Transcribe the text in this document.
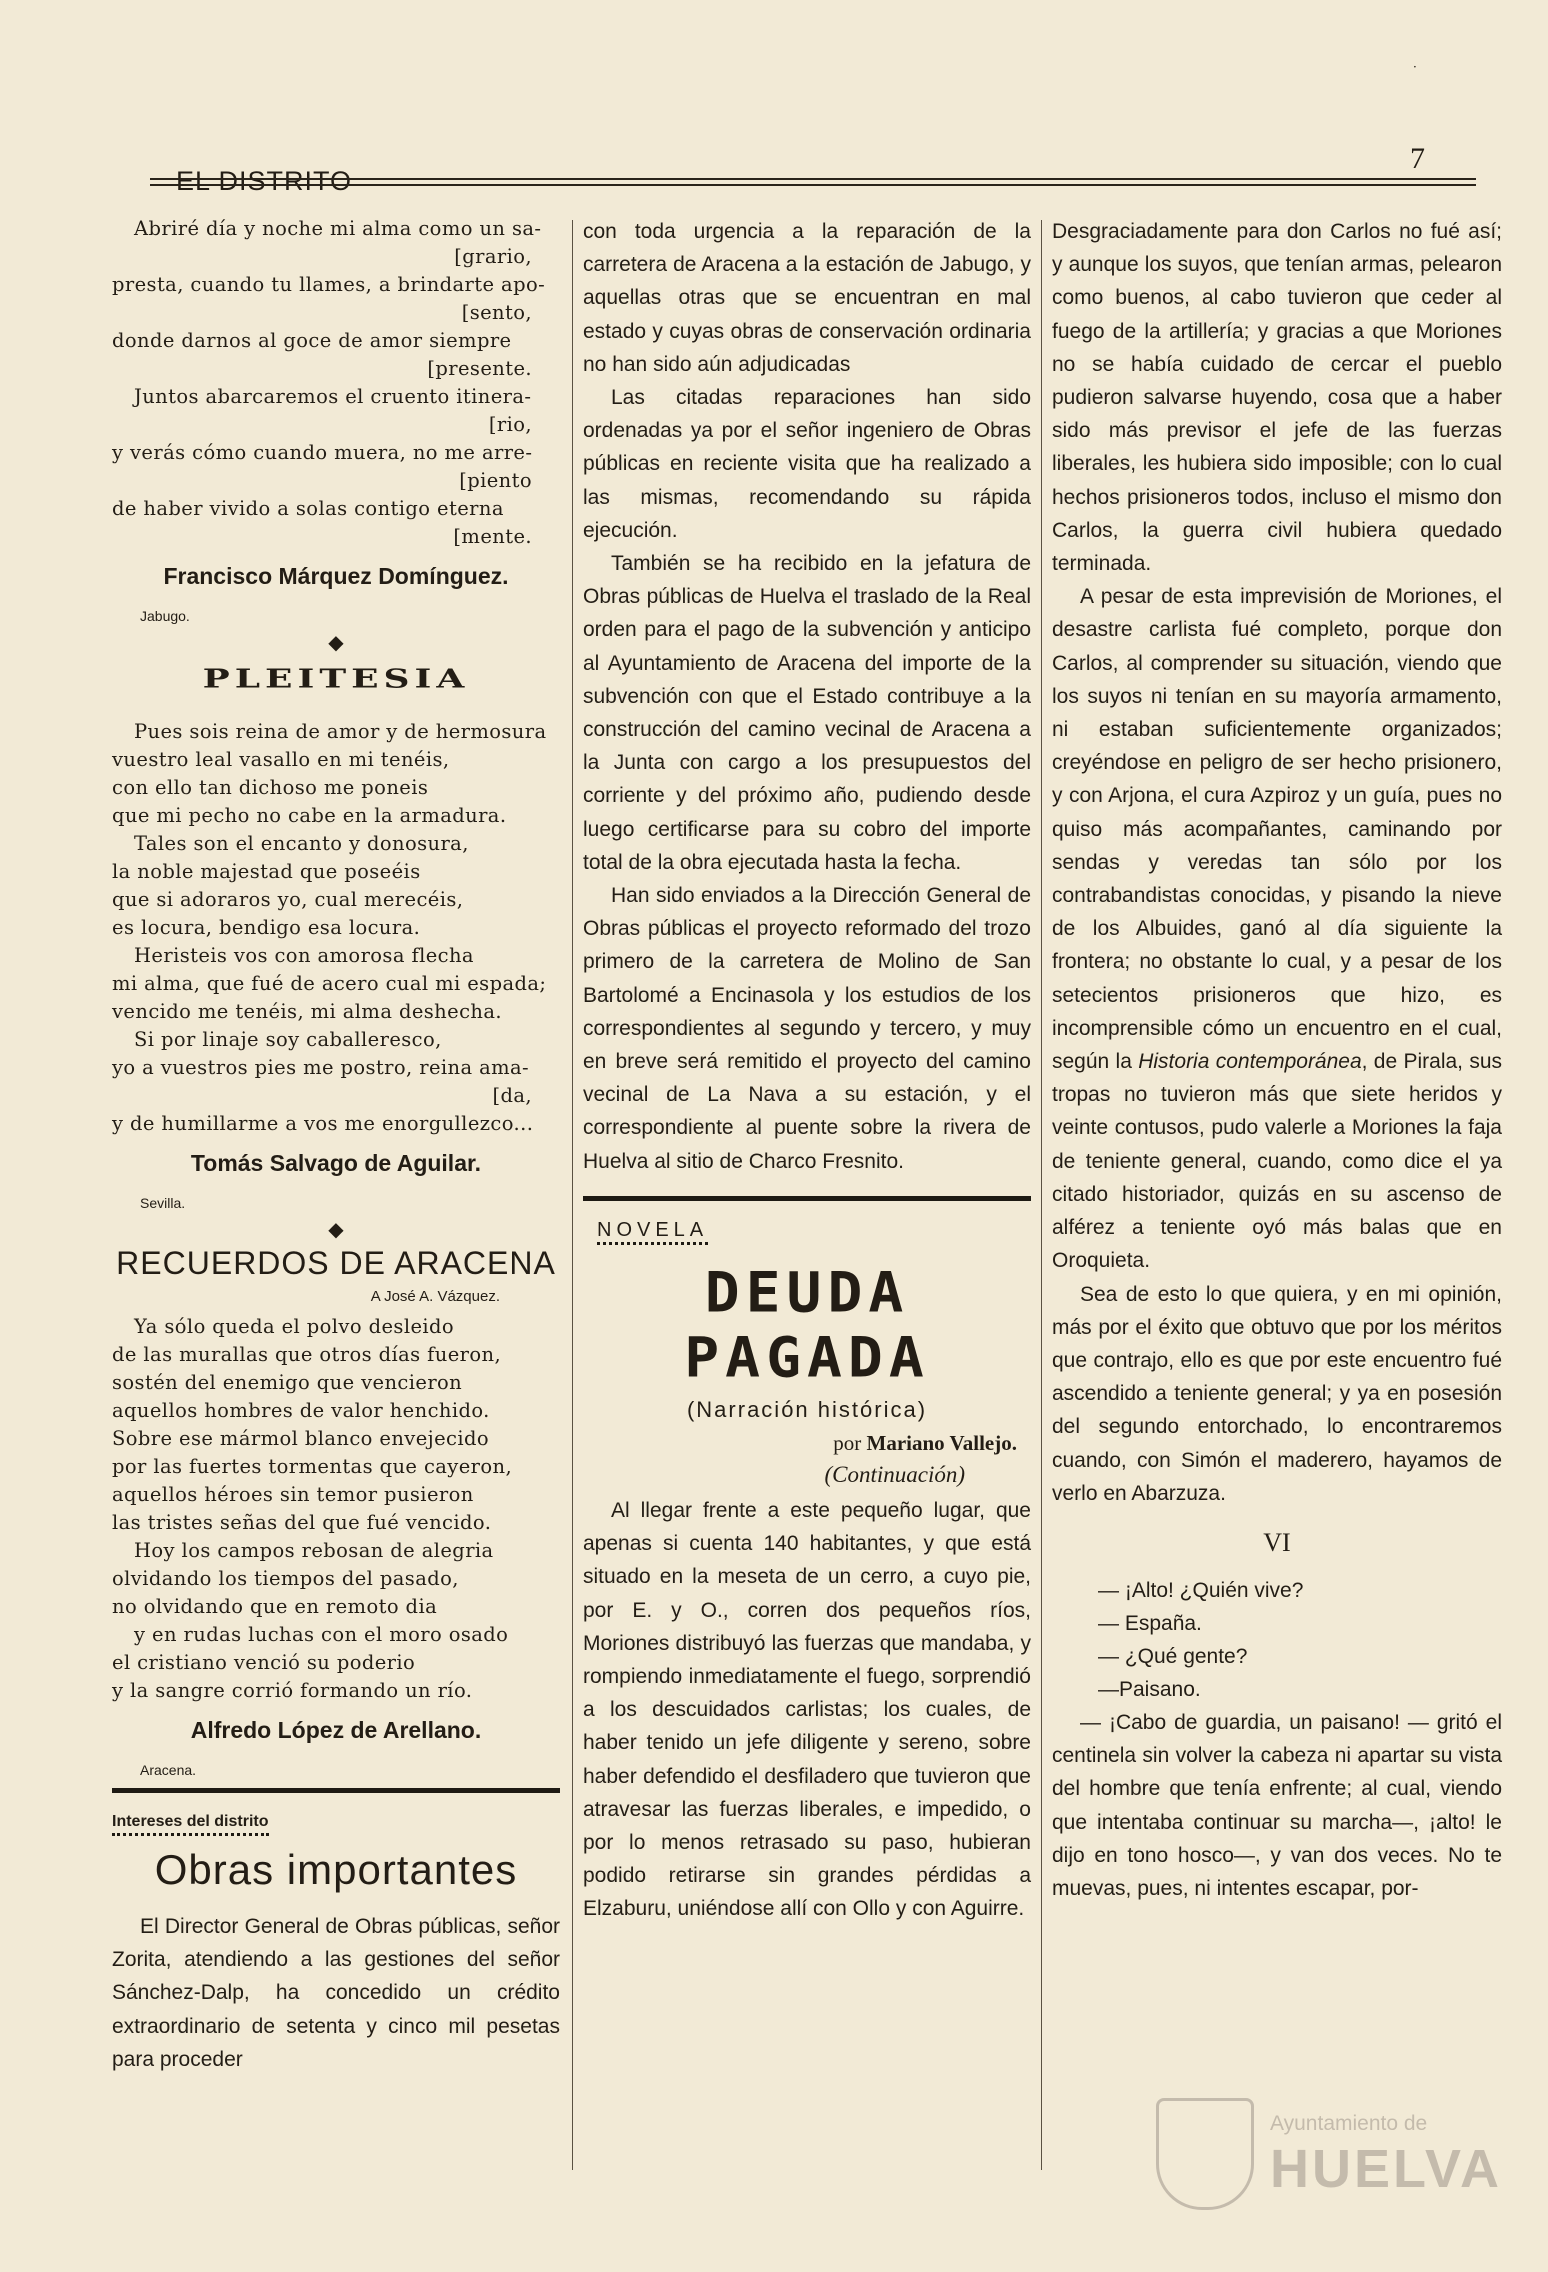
EL DISTRITO
7
·
Abriré día y noche mi alma como un sa-
[grario,
presta, cuando tu llames, a brindarte apo-
[sento,
donde darnos al goce de amor siempre
[presente.
Juntos abarcaremos el cruento itinera-
[rio,
y verás cómo cuando muera, no me arre-
[piento
de haber vivido a solas contigo eterna
[mente.
Francisco Márquez Domínguez.
Jabugo.
◆
PLEITESIA
Pues sois reina de amor y de hermosura
vuestro leal vasallo en mi tenéis,
con ello tan dichoso me poneis
que mi pecho no cabe en la armadura.
Tales son el encanto y donosura,
la noble majestad que poseéis
que si adoraros yo, cual merecéis,
es locura, bendigo esa locura.
Heristeis vos con amorosa flecha
mi alma, que fué de acero cual mi espada;
vencido me tenéis, mi alma deshecha.
Si por linaje soy caballeresco,
yo a vuestros pies me postro, reina ama-
[da,
y de humillarme a vos me enorgullezco...
Tomás Salvago de Aguilar.
Sevilla.
◆
RECUERDOS DE ARACENA
A José A. Vázquez.
Ya sólo queda el polvo desleido
de las murallas que otros días fueron,
sostén del enemigo que vencieron
aquellos hombres de valor henchido.
Sobre ese mármol blanco envejecido
por las fuertes tormentas que cayeron,
aquellos héroes sin temor pusieron
las tristes señas del que fué vencido.
Hoy los campos rebosan de alegria
olvidando los tiempos del pasado,
no olvidando que en remoto dia
y en rudas luchas con el moro osado
el cristiano venció su poderio
y la sangre corrió formando un río.
Alfredo López de Arellano.
Aracena.
Intereses del distrito
Obras importantes

El Director General de Obras públicas, señor Zorita, atendiendo a las gestiones del señor Sánchez-Dalp, ha concedido un crédito extraordinario de setenta y cinco mil pesetas para proceder

con toda urgencia a la reparación de la carretera de Aracena a la estación de Jabugo, y aquellas otras que se encuentran en mal estado y cuyas obras de conservación ordinaria no han sido aún adjudicadas

Las citadas reparaciones han sido ordenadas ya por el señor ingeniero de Obras públicas en reciente visita que ha realizado a las mismas, recomendando su rápida ejecución.

También se ha recibido en la jefatura de Obras públicas de Huelva el traslado de la Real orden para el pago de la subvención y anticipo al Ayuntamiento de Aracena del importe de la subvención con que el Estado contribuye a la construcción del camino vecinal de Aracena a la Junta con cargo a los presupuestos del corriente y del próximo año, pudiendo desde luego certificarse para su cobro del importe total de la obra ejecutada hasta la fecha.

Han sido enviados a la Dirección General de Obras públicas el proyecto reformado del trozo primero de la carretera de Molino de San Bartolomé a Encinasola y los estudios de los correspondientes al segundo y tercero, y muy en breve será remitido el proyecto del camino vecinal de La Nava a su estación, y el correspondiente al puente sobre la rivera de Huelva al sitio de Charco Fresnito.

NOVELA
DEUDA PAGADA
(Narración histórica)
por Mariano Vallejo.
(Continuación)

Al llegar frente a este pequeño lugar, que apenas si cuenta 140 habitantes, y que está situado en la meseta de un cerro, a cuyo pie, por E. y O., corren dos pequeños ríos, Moriones distribuyó las fuerzas que mandaba, y rompiendo inmediatamente el fuego, sorprendió a los descuidados carlistas; los cuales, de haber tenido un jefe diligente y sereno, sobre haber defendido el desfiladero que tuvieron que atravesar las fuerzas liberales, e impedido, o por lo menos retrasado su paso, hubieran podido retirarse sin grandes pérdidas a Elzaburu, uniéndose allí con Ollo y con Aguirre.

Desgraciadamente para don Carlos no fué así; y aunque los suyos, que tenían armas, pelearon como buenos, al cabo tuvieron que ceder al fuego de la artillería; y gracias a que Moriones no se había cuidado de cercar el pueblo pudieron salvarse huyendo, cosa que a haber sido más previsor el jefe de las fuerzas liberales, les hubiera sido imposible; con lo cual hechos prisioneros todos, incluso el mismo don Carlos, la guerra civil hubiera quedado terminada.

A pesar de esta imprevisión de Moriones, el desastre carlista fué completo, porque don Carlos, al comprender su situación, viendo que los suyos ni tenían en su mayoría armamento, ni estaban suficientemente organizados; creyéndose en peligro de ser hecho prisionero, y con Arjona, el cura Azpiroz y un guía, pues no quiso más acompañantes, caminando por sendas y veredas tan sólo por los contrabandistas conocidas, y pisando la nieve de los Albuides, ganó al día siguiente la frontera; no obstante lo cual, y a pesar de los setecientos prisioneros que hizo, es incomprensible cómo un encuentro en el cual, según la Historia contemporánea, de Pirala, sus tropas no tuvieron más que siete heridos y veinte contusos, pudo valerle a Moriones la faja de teniente general, cuando, como dice el ya citado historiador, quizás en su ascenso de alférez a teniente oyó más balas que en Oroquieta.

Sea de esto lo que quiera, y en mi opinión, más por el éxito que obtuvo que por los méritos que contrajo, ello es que por este encuentro fué ascendido a teniente general; y ya en posesión del segundo entorchado, lo encontraremos cuando, con Simón el maderero, hayamos de verlo en Abarzuza.

VI

— ¡Alto! ¿Quién vive?

— España.

— ¿Qué gente?

—Paisano.

— ¡Cabo de guardia, un paisano! — gritó el centinela sin volver la cabeza ni apartar su vista del hombre que tenía enfrente; al cual, viendo que intentaba continuar su marcha—, ¡alto! le dijo en tono hosco—, y van dos veces. No te muevas, pues, ni intentes escapar, por-

Ayuntamiento de
HUELVA
